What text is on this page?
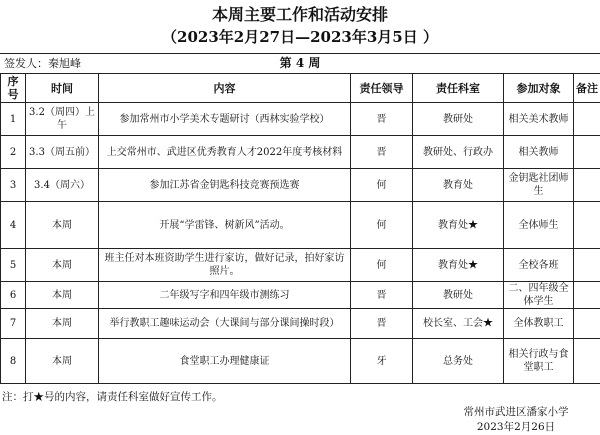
本周主要工作和活动安排
（2023年2月27日—2023年3月5日 ）
签发人：秦旭峰	第 4 周
序号	时间	内容	责任领导	责任科室	参加对象	备注
1	3.2（周四）上午	参加常州市小学美术专题研讨（西林实验学校）	晋	教研处	相关美术教师	
2	3.3（周五前）	上交常州市、武进区优秀教育人才2022年度考核材料	晋	教研处、行政办	相关教师	
3	3.4（周六）	参加江苏省金钥匙科技竞赛预选赛	何	教育处	金钥匙社团师生	
4	本周	开展“学雷锋、树新风”活动。	何	教育处★	全体师生	
5	本周	班主任对本班资助学生进行家访，做好记录，拍好家访照片。	何	教育处★	全校各班	
6	本周	二年级写字和四年级市测练习	晋	教研处	二、四年级全体学生	
7	本周	举行教职工趣味运动会（大课间与部分课间操时段）	晋	校长室、工会★	全体教职工	
8	本周	食堂职工办理健康证	牙	总务处	相关行政与食堂职工	
注：打★号的内容，请责任科室做好宣传工作。
常州市武进区潘家小学
2023年2月26日
